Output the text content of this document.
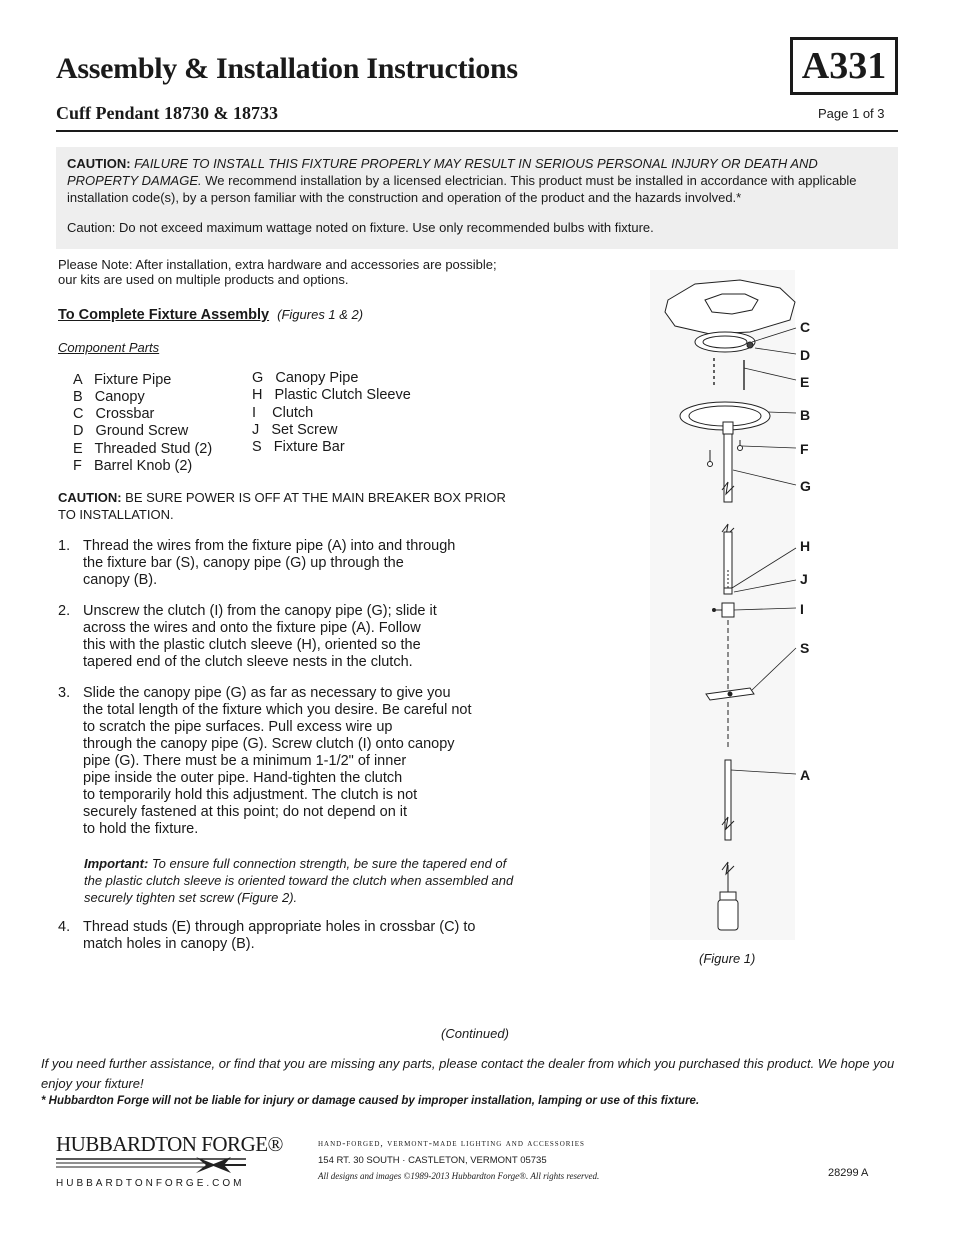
Assembly & Installation Instructions
Cuff Pendant 18730 & 18733
A331
Page 1 of 3
CAUTION: FAILURE TO INSTALL THIS FIXTURE PROPERLY MAY RESULT IN SERIOUS PERSONAL INJURY OR DEATH AND PROPERTY DAMAGE. We recommend installation by a licensed electrician. This product must be installed in accordance with applicable installation code(s), by a person familiar with the construction and operation of the product and the hazards involved.*
Caution: Do not exceed maximum wattage noted on fixture. Use only recommended bulbs with fixture.
Please Note: After installation, extra hardware and accessories are possible; our kits are used on multiple products and options.
To Complete Fixture Assembly (Figures 1 & 2)
Component Parts
A   Fixture Pipe
B   Canopy
C   Crossbar
D   Ground Screw
E   Threaded Stud (2)
F   Barrel Knob (2)
G   Canopy Pipe
H   Plastic Clutch Sleeve
I    Clutch
J   Set Screw
S   Fixture Bar
CAUTION: BE SURE POWER IS OFF AT THE MAIN BREAKER BOX PRIOR TO INSTALLATION.
1. Thread the wires from the fixture pipe (A) into and through
the fixture bar (S), canopy pipe (G) up through the
canopy (B).
2. Unscrew the clutch (I) from the canopy pipe (G); slide it
across the wires and onto the fixture pipe (A). Follow
this with the plastic clutch sleeve (H), oriented so the
tapered end of the clutch sleeve nests in the clutch.
3. Slide the canopy pipe (G) as far as necessary to give you
the total length of the fixture which you desire. Be careful not
to scratch the pipe surfaces. Pull excess wire up
through the canopy pipe (G). Screw clutch (I) onto canopy
pipe (G). There must be a minimum 1-1/2" of inner
pipe inside the outer pipe. Hand-tighten the clutch
to temporarily hold this adjustment. The clutch is not
securely fastened at this point; do not depend on it
to hold the fixture.
Important: To ensure full connection strength, be sure the tapered end of the plastic clutch sleeve is oriented toward the clutch when assembled and securely tighten set screw (Figure 2).
4. Thread studs (E) through appropriate holes in crossbar (C) to
match holes in canopy (B).
C
D
E
B
F
G
H
J
I
S
A
(Figure 1)
(Continued)
If you need further assistance, or find that you are missing any parts, please contact the dealer from which you purchased this product. We hope you enjoy your fixture!
* Hubbardton Forge will not be liable for injury or damage caused by improper installation, lamping or use of this fixture.
HUBBARDTON FORGE®
HUBBARDTONFORGE.COM
hand-forged, vermont-made lighting and accessories
154 RT. 30 SOUTH · CASTLETON, VERMONT 05735
All designs and images ©1989-2013 Hubbardton Forge®. All rights reserved.	28299 A
